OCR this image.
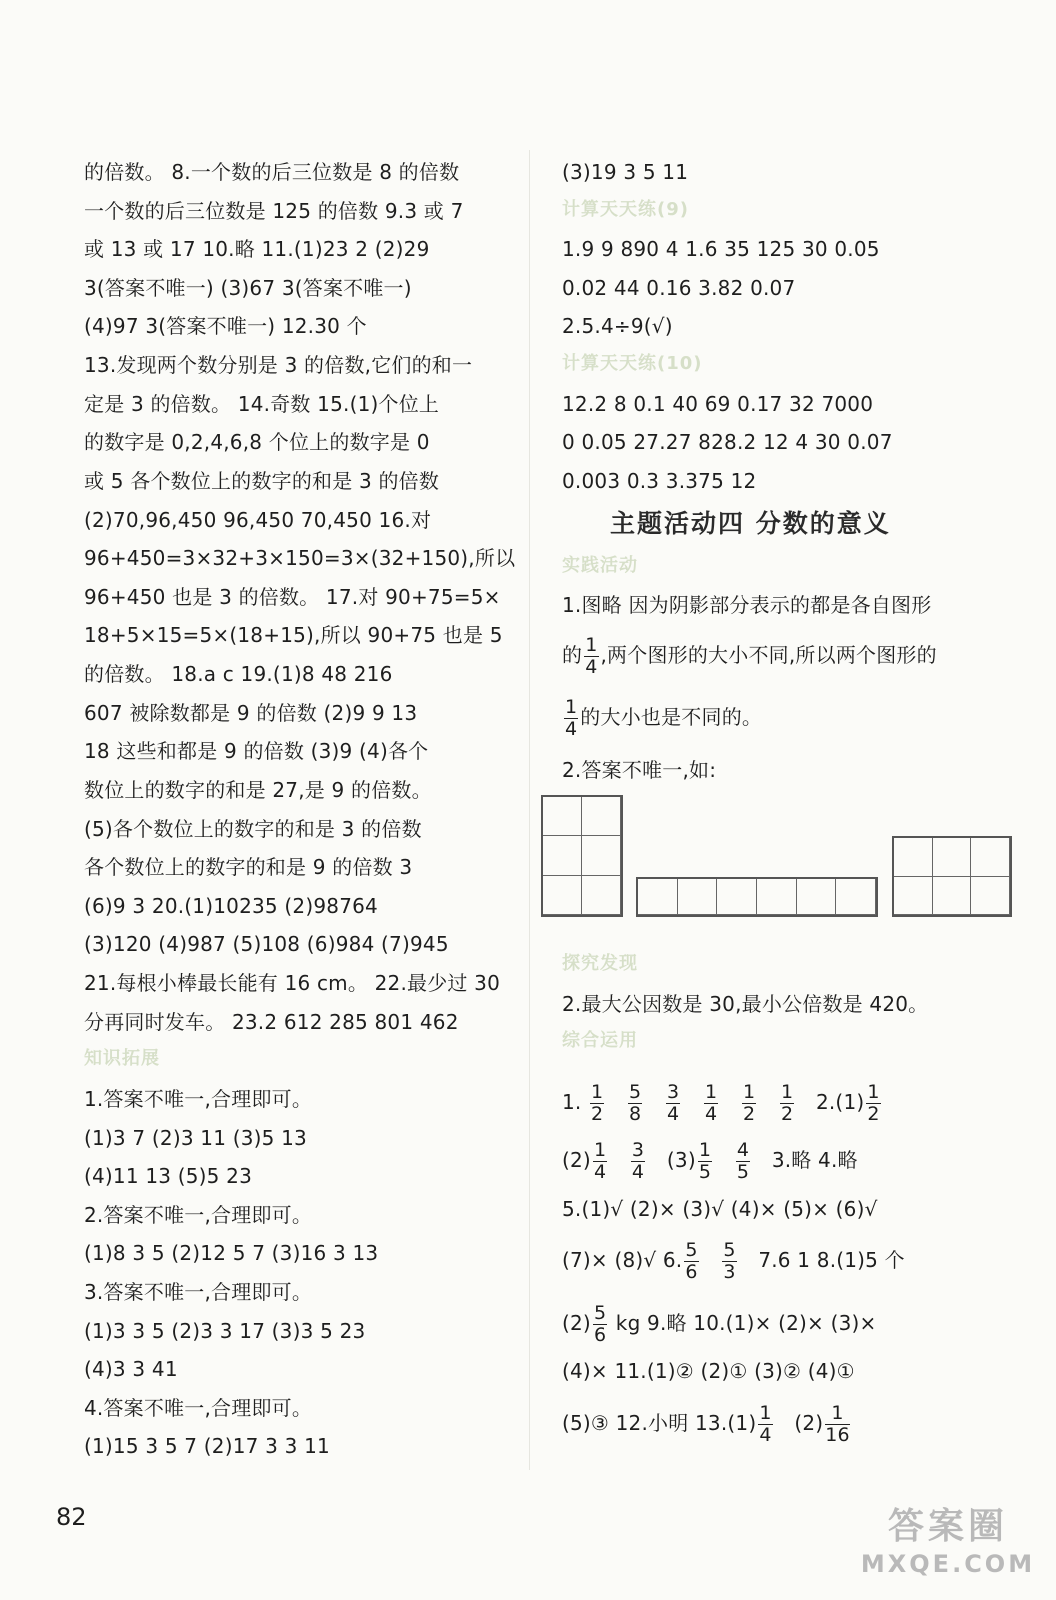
的倍数。 8.一个数的后三位数是 8 的倍数
一个数的后三位数是 125 的倍数 9.3 或 7
或 13 或 17 10.略 11.(1)23 2 (2)29
3(答案不唯一) (3)67 3(答案不唯一)
(4)97 3(答案不唯一) 12.30 个
13.发现两个数分别是 3 的倍数,它们的和一
定是 3 的倍数。 14.奇数 15.(1)个位上
的数字是 0,2,4,6,8 个位上的数字是 0
或 5 各个数位上的数字的和是 3 的倍数
(2)70,96,450 96,450 70,450 16.对
96+450=3×32+3×150=3×(32+150),所以
96+450 也是 3 的倍数。 17.对 90+75=5×
18+5×15=5×(18+15),所以 90+75 也是 5
的倍数。 18.a c 19.(1)8 48 216
607 被除数都是 9 的倍数 (2)9 9 13
18 这些和都是 9 的倍数 (3)9 (4)各个
数位上的数字的和是 27,是 9 的倍数。
(5)各个数位上的数字的和是 3 的倍数
各个数位上的数字的和是 9 的倍数 3
(6)9 3 20.(1)10235 (2)98764
(3)120 (4)987 (5)108 (6)984 (7)945
21.每根小棒最长能有 16 cm。 22.最少过 30
分再同时发车。 23.2 612 285 801 462
知识拓展
1.答案不唯一,合理即可。
(1)3 7 (2)3 11 (3)5 13
(4)11 13 (5)5 23
2.答案不唯一,合理即可。
(1)8 3 5 (2)12 5 7 (3)16 3 13
3.答案不唯一,合理即可。
(1)3 3 5 (2)3 3 17 (3)3 5 23
(4)3 3 41
4.答案不唯一,合理即可。
(1)15 3 5 7 (2)17 3 3 11
(3)19 3 5 11
计算天天练(9)
1.9 9 890 4 1.6 35 125 30 0.05
0.02 44 0.16 3.82 0.07
2.5.4÷9(√)
计算天天练(10)
12.2 8 0.1 40 69 0.17 32 7000
0 0.05 27.27 828.2 12 4 30 0.07
0.003 0.3 3.375 12
主题活动四 分数的意义
实践活动
1.图略 因为阴影部分表示的都是各自图形
的 $\frac{1}{4}$ ,两个图形的大小不同,所以两个图形的
$\frac{1}{4}$ 的大小也是不同的。
2.答案不唯一,如:
探究发现
2.最大公因数是 30,最小公倍数是 420。
综合运用
1. $\frac{1}{2}$
$\frac{5}{8}$
$\frac{3}{4}$
$\frac{1}{4}$
$\frac{1}{2}$
$\frac{1}{2} 2.(1) \frac{1}{2}$
$(2) \frac{1}{4}$
$\frac{3}{4} (3) \frac{1}{5}$
$\frac{4}{5} 3$.略 4.略
5.(1)√ (2)× (3)√ (4)× (5)× (6)√
(7)× (8)√ 6. $\frac{5}{6}$
$\frac{5}{3} 7.6$ 1 8.(1)5 个
$(2) \frac{5}{6}$ kg 9.略 10.(1)× (2)× (3)×
(4)× 11.(1)② (2)① (3)② (4)①
(5)③ 12.小明 $13.(1) \frac{1}{4} (2) \frac{1}{16}$
82	答案圈
MXQE.COM
